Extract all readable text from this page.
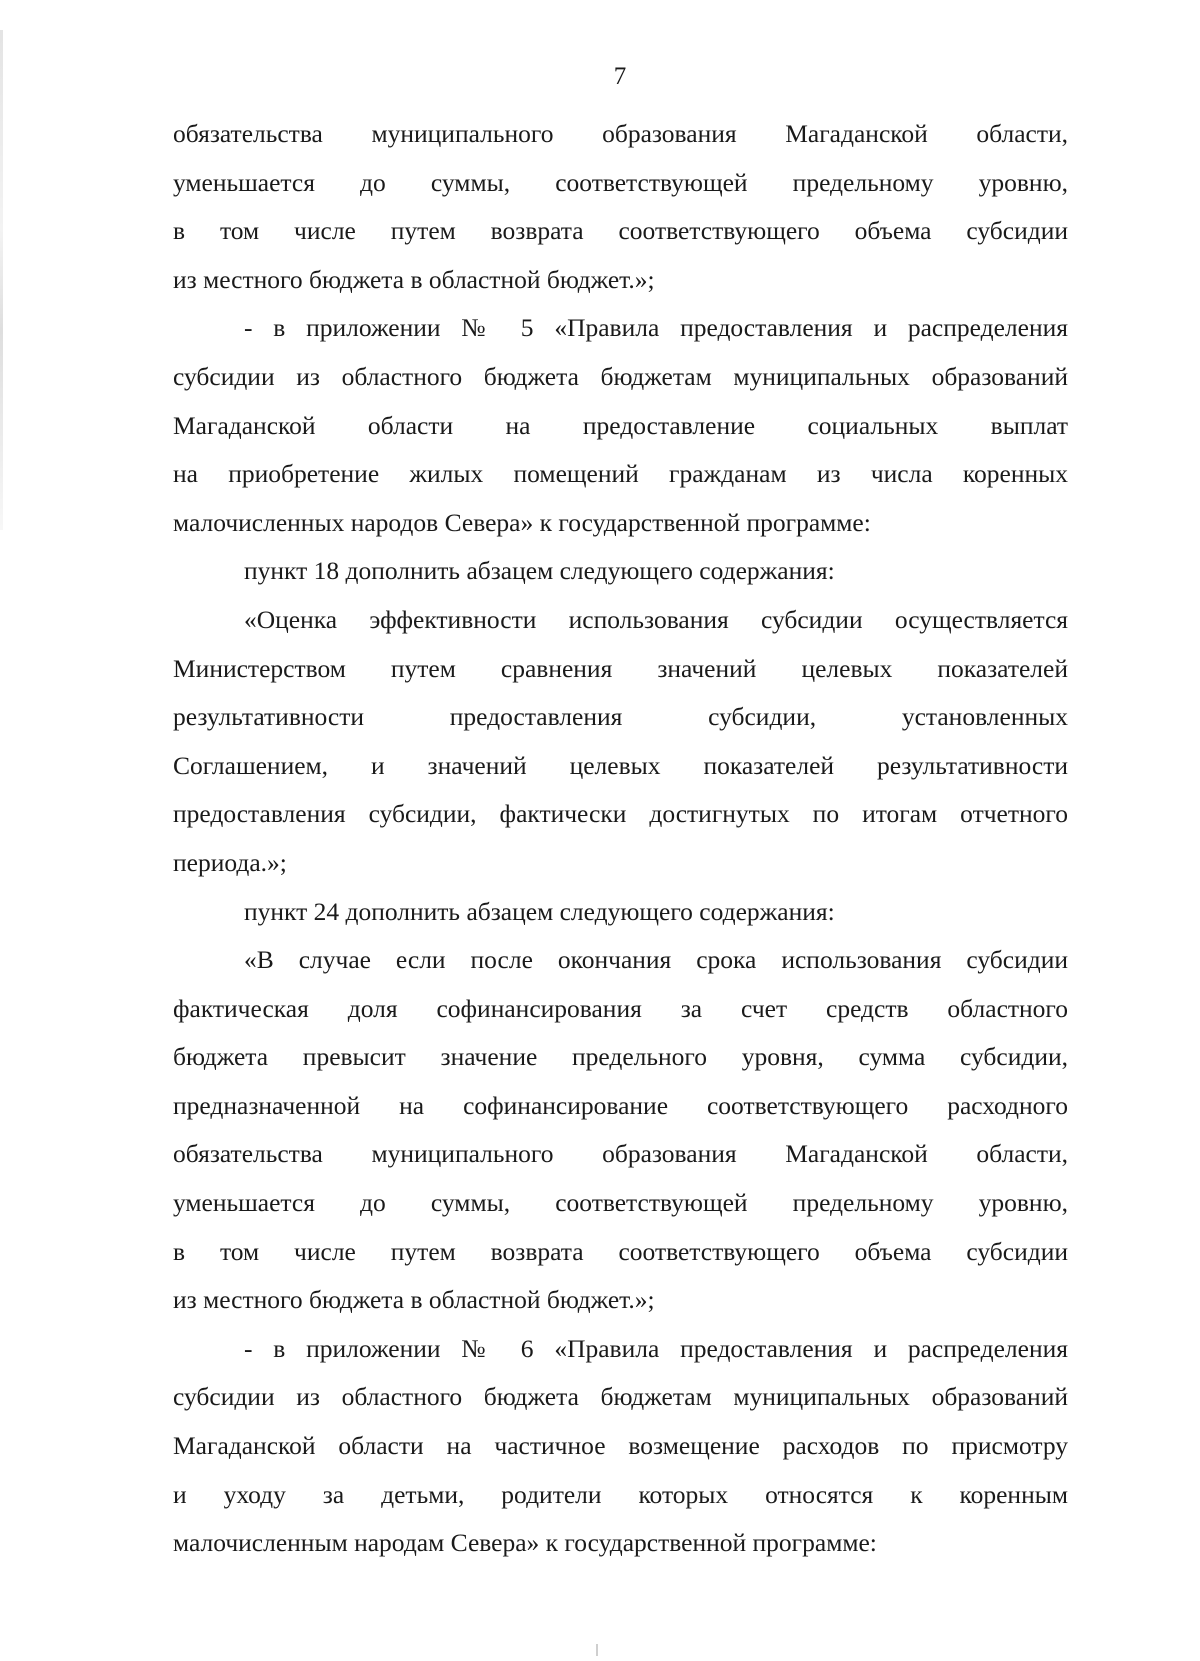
7

обязательства муниципального образования Магаданской области,

уменьшается до суммы, соответствующей предельному уровню,

в том числе путем возврата соответствующего объема субсидии

из местного бюджета в областной бюджет.»;

- в приложении № 5 «Правила предоставления и распределения

субсидии из областного бюджета бюджетам муниципальных образований

Магаданской области на предоставление социальных выплат

на приобретение жилых помещений гражданам из числа коренных

малочисленных народов Севера» к государственной программе:

пункт 18 дополнить абзацем следующего содержания:

«Оценка эффективности использования субсидии осуществляется

Министерством путем сравнения значений целевых показателей

результативности предоставления субсидии, установленных

Соглашением, и значений целевых показателей результативности

предоставления субсидии, фактически достигнутых по итогам отчетного

периода.»;

пункт 24 дополнить абзацем следующего содержания:

«В случае если после окончания срока использования субсидии

фактическая доля софинансирования за счет средств областного

бюджета превысит значение предельного уровня, сумма субсидии,

предназначенной на софинансирование соответствующего расходного

обязательства муниципального образования Магаданской области,

уменьшается до суммы, соответствующей предельному уровню,

в том числе путем возврата соответствующего объема субсидии

из местного бюджета в областной бюджет.»;

- в приложении № 6 «Правила предоставления и распределения

субсидии из областного бюджета бюджетам муниципальных образований

Магаданской области на частичное возмещение расходов по присмотру

и уходу за детьми, родители которых относятся к коренным

малочисленным народам Севера» к государственной программе:
